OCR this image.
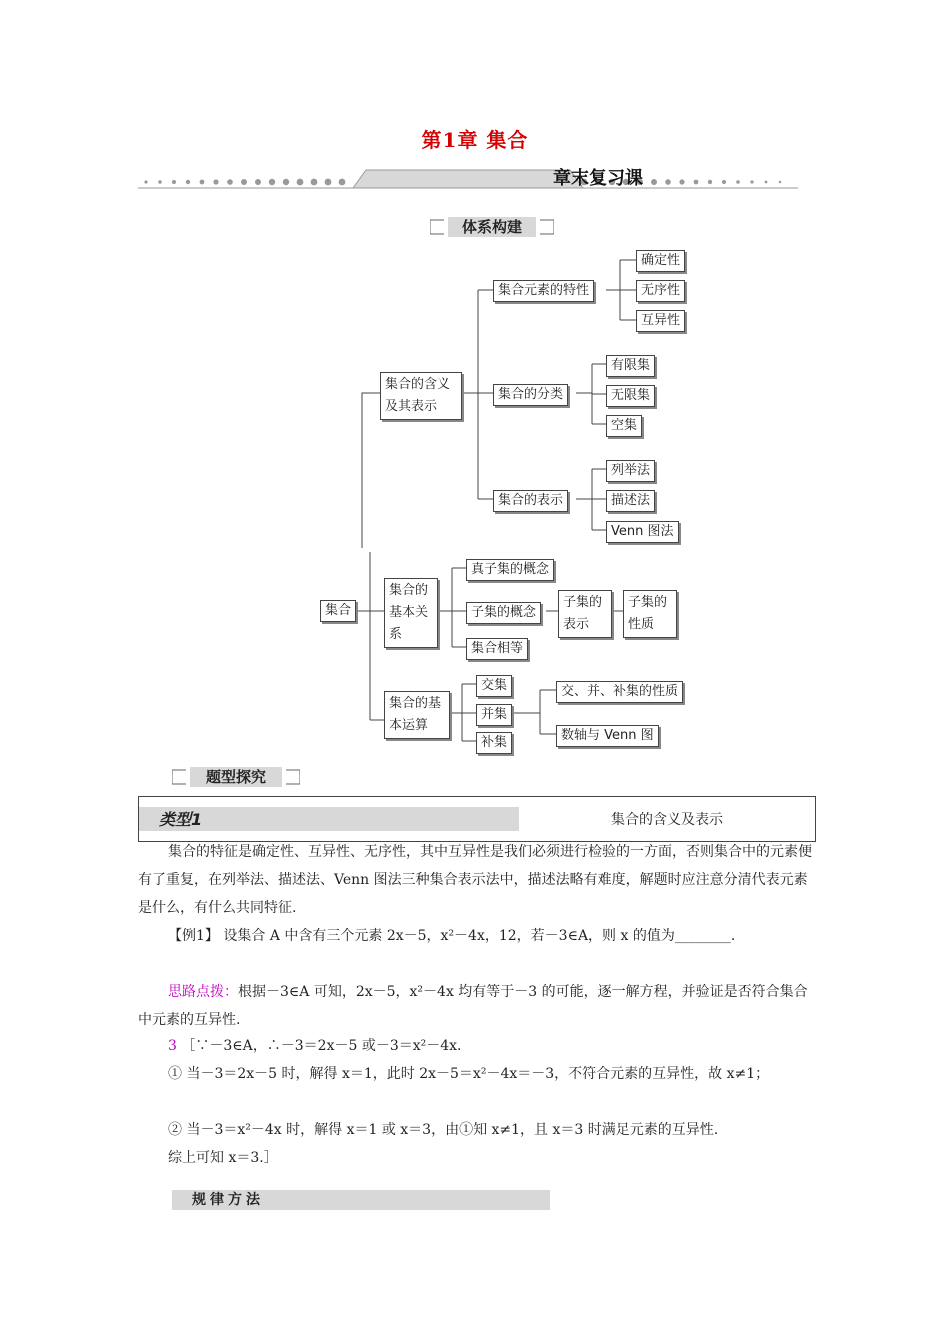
第1章 集合
章末复习课
体系构建
集合
集合的含义及其表示
集合元素的特性
确定性
无序性
互异性
集合的分类
有限集
无限集
空集
集合的表示
列举法
描述法
Venn 图法
集合的基本关系
真子集的概念
子集的概念
子集的表示
子集的性质
集合相等
集合的基本运算
交集
并集
补集
交、并、补集的性质
数轴与 Venn 图
题型探究
类型1	集合的含义及表示
集合的特征是确定性、互异性、无序性，其中互异性是我们必须进行检验的一方面，否则集合中的元素便有了重复，在列举法、描述法、Venn 图法三种集合表示法中，描述法略有难度，解题时应注意分清代表元素是什么，有什么共同特征.
【例1】 设集合 A 中含有三个元素 2x－5，x²－4x，12，若－3∈A，则 x 的值为________.
思路点拨：根据－3∈A 可知，2x－5，x²－4x 均有等于－3 的可能，逐一解方程，并验证是否符合集合中元素的互异性.
3 ［∵－3∈A，∴－3＝2x－5 或－3＝x²－4x.
① 当－3＝2x－5 时，解得 x＝1，此时 2x－5＝x²－4x＝－3，不符合元素的互异性，故 x≠1；
② 当－3＝x²－4x 时，解得 x＝1 或 x＝3，由①知 x≠1，且 x＝3 时满足元素的互异性.
综上可知 x＝3.］
规律方法
